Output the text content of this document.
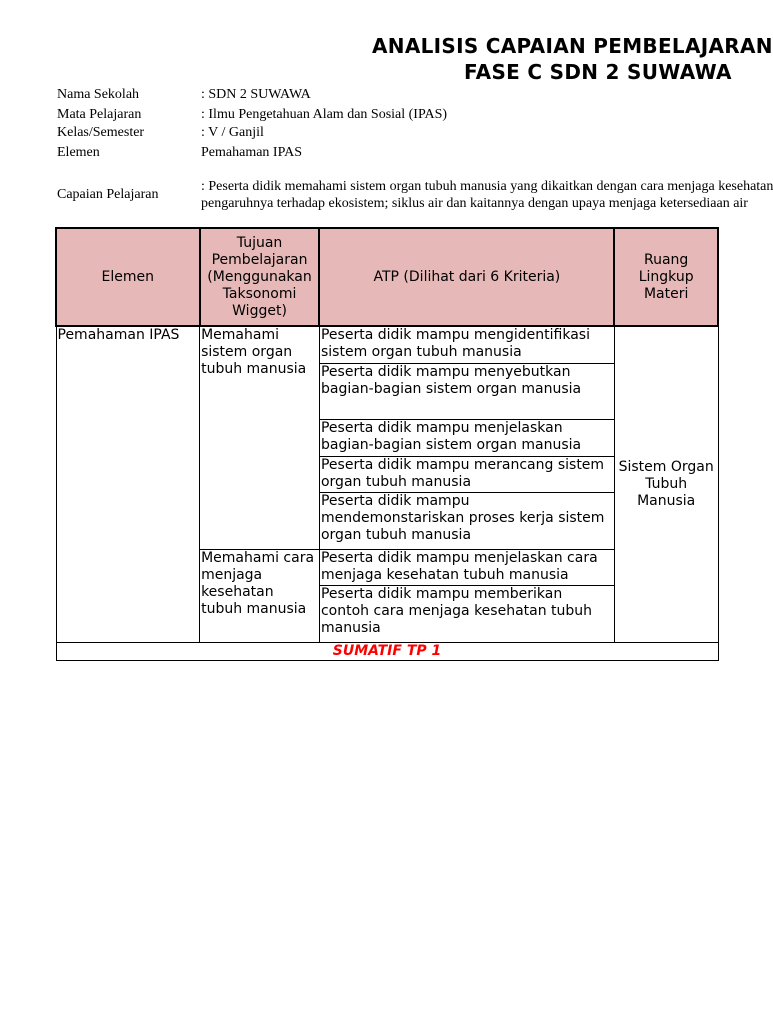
ANALISIS CAPAIAN PEMBELAJARAN
FASE C SDN 2 SUWAWA
Nama Sekolah	: SDN 2 SUWAWA
Mata Pelajaran	: Ilmu Pengetahuan Alam dan Sosial (IPAS)
Kelas/Semester	: V / Ganjil
Elemen	Pemahaman IPAS
Capaian Pelajaran
: Peserta didik memahami sistem organ tubuh manusia yang dikaitkan dengan cara menjaga kesehatan
pengaruhnya terhadap ekosistem; siklus air dan kaitannya dengan upaya menjaga ketersediaan air
Elemen	Tujuan Pembelajaran (Menggunakan Taksonomi Wigget)	ATP (Dilihat dari 6 Kriteria)	Ruang Lingkup Materi
Pemahaman IPAS	Memahami sistem organ tubuh manusia	Peserta didik mampu mengidentifikasi sistem organ tubuh manusia	Sistem Organ Tubuh Manusia
		Peserta didik mampu menyebutkan bagian-bagian sistem organ manusia	
		Peserta didik mampu menjelaskan bagian-bagian sistem organ manusia	
		Peserta didik mampu merancang sistem organ tubuh manusia	
		Peserta didik mampu mendemonstariskan proses kerja sistem organ tubuh manusia	
	Memahami cara menjaga kesehatan tubuh manusia	Peserta didik mampu menjelaskan cara menjaga kesehatan tubuh manusia	
		Peserta didik mampu memberikan contoh cara menjaga kesehatan tubuh manusia	
SUMATIF TP 1			
